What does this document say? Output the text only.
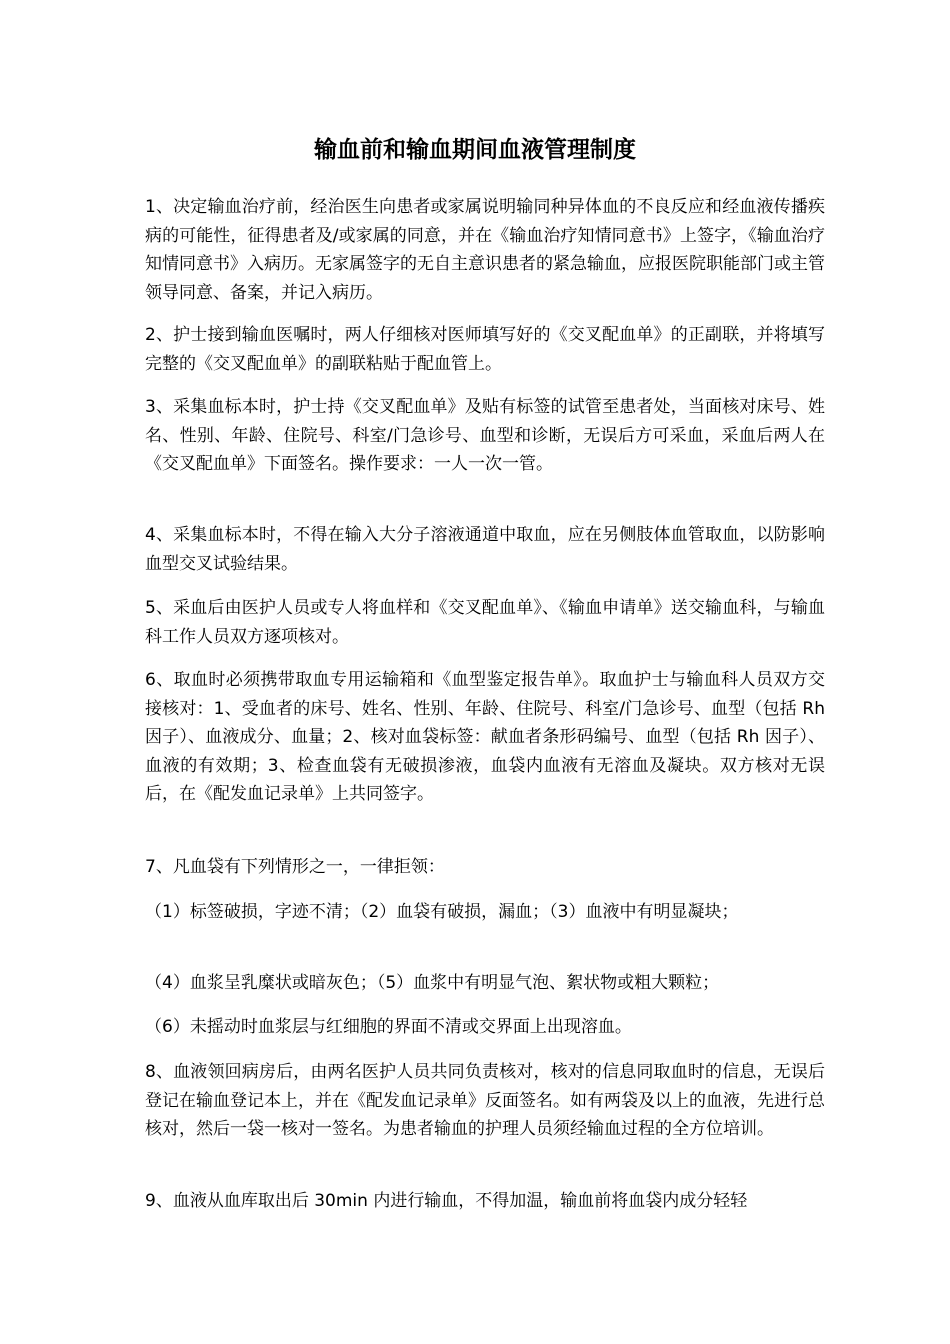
输血前和输血期间血液管理制度

1、决定输血治疗前，经治医生向患者或家属说明输同种异体血的不良反应和经血液传播疾病的可能性，征得患者及/或家属的同意，并在《输血治疗知情同意书》上签字，《输血治疗知情同意书》入病历。无家属签字的无自主意识患者的紧急输血，应报医院职能部门或主管领导同意、备案，并记入病历。

2、护士接到输血医嘱时，两人仔细核对医师填写好的《交叉配血单》的正副联，并将填写完整的《交叉配血单》的副联粘贴于配血管上。

3、采集血标本时，护士持《交叉配血单》及贴有标签的试管至患者处，当面核对床号、姓名、性别、年龄、住院号、科室/门急诊号、血型和诊断，无误后方可采血，采血后两人在《交叉配血单》下面签名。操作要求：一人一次一管。

4、采集血标本时，不得在输入大分子溶液通道中取血，应在另侧肢体血管取血，以防影响血型交叉试验结果。

5、采血后由医护人员或专人将血样和《交叉配血单》、《输血申请单》送交输血科，与输血科工作人员双方逐项核对。

6、取血时必须携带取血专用运输箱和《血型鉴定报告单》。取血护士与输血科人员双方交接核对：1、受血者的床号、姓名、性别、年龄、住院号、科室/门急诊号、血型（包括 Rh 因子）、血液成分、血量；2、核对血袋标签：献血者条形码编号、血型（包括 Rh 因子）、血液的有效期；3、检查血袋有无破损渗液，血袋内血液有无溶血及凝块。双方核对无误后，在《配发血记录单》上共同签字。

7、凡血袋有下列情形之一，一律拒领：

（1）标签破损，字迹不清；（2）血袋有破损，漏血；（3）血液中有明显凝块；

（4）血浆呈乳糜状或暗灰色；（5）血浆中有明显气泡、絮状物或粗大颗粒；

（6）未摇动时血浆层与红细胞的界面不清或交界面上出现溶血。

8、血液领回病房后，由两名医护人员共同负责核对，核对的信息同取血时的信息，无误后登记在输血登记本上，并在《配发血记录单》反面签名。如有两袋及以上的血液，先进行总核对，然后一袋一核对一签名。为患者输血的护理人员须经输血过程的全方位培训。

9、血液从血库取出后 30min 内进行输血，不得加温，输血前将血袋内成分轻轻
